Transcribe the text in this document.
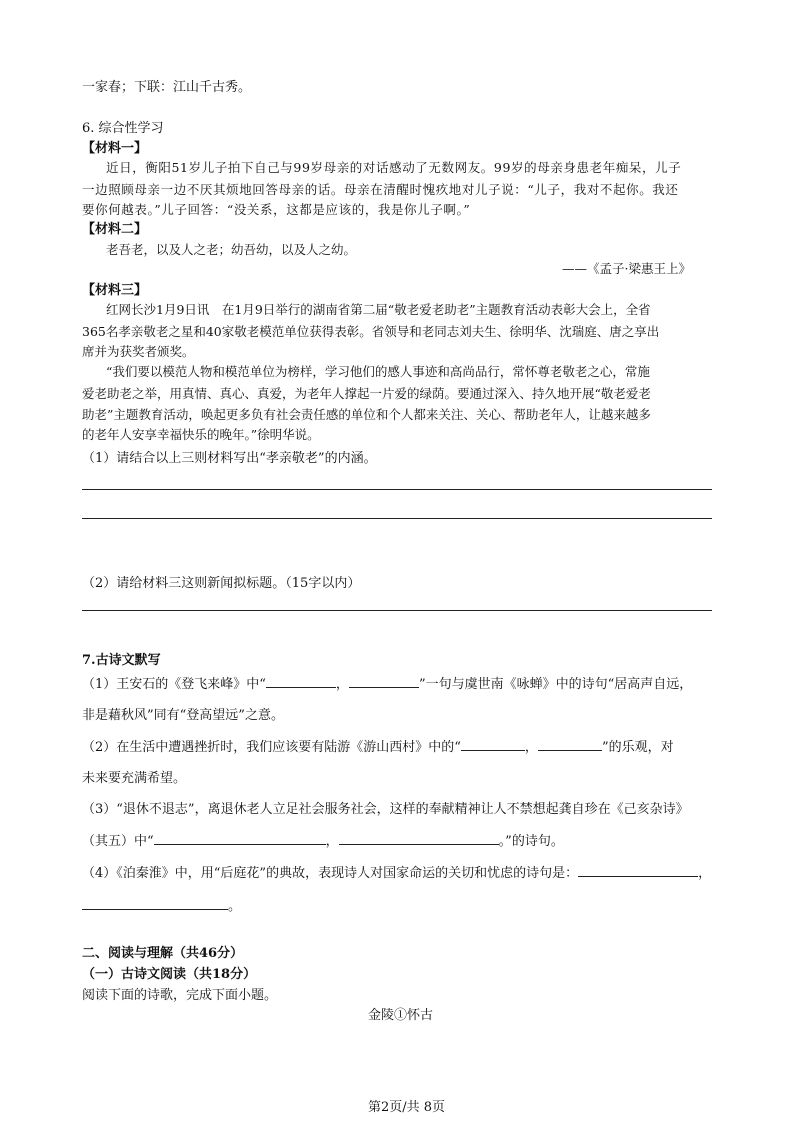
一家春；下联：江山千古秀。
6. 综合性学习
【材料一】
近日，衡阳51岁儿子拍下自己与99岁母亲的对话感动了无数网友。99岁的母亲身患老年痴呆，儿子
一边照顾母亲一边不厌其烦地回答母亲的话。母亲在清醒时愧疚地对儿子说：“儿子，我对不起你。我还
要你何越表。”儿子回答：“没关系，这都是应该的，我是你儿子啊。”
【材料二】
老吾老，以及人之老；幼吾幼，以及人之幼。
——《孟子·梁惠王上》
【材料三】
红网长沙1月9日讯　在1月9日举行的湖南省第二届“敬老爱老助老”主题教育活动表彰大会上，全省
365名孝亲敬老之星和40家敬老模范单位获得表彰。省领导和老同志刘夫生、徐明华、沈瑞庭、唐之享出
席并为获奖者颁奖。
“我们要以模范人物和模范单位为榜样，学习他们的感人事迹和高尚品行，常怀尊老敬老之心，常施
爱老助老之举，用真情、真心、真爱，为老年人撑起一片爱的绿荫。要通过深入、持久地开展“敬老爱老
助老”主题教育活动，唤起更多负有社会责任感的单位和个人都来关注、关心、帮助老年人，让越来越多
的老年人安享幸福快乐的晚年。”徐明华说。
（1）请结合以上三则材料写出“孝亲敬老”的内涵。
（2）请给材料三这则新闻拟标题。（15字以内）
7.古诗文默写
（1）王安石的《登飞来峰》中“	，	”一句与虞世南《咏蝉》中的诗句“居高声自远，
非是藉秋风”同有“登高望远”之意。
（2）在生活中遭遇挫折时，我们应该要有陆游《游山西村》中的“	，	”的乐观，对
未来要充满希望。
（3）“退休不退志”，离退休老人立足社会服务社会，这样的奉献精神让人不禁想起龚自珍在《己亥杂诗》
（其五）中“	，	。”的诗句。
（4）《泊秦淮》中，用“后庭花”的典故，表现诗人对国家命运的关切和忧虑的诗句是：	，
。
二、阅读与理解（共46分）
（一）古诗文阅读（共18分）
阅读下面的诗歌，完成下面小题。
金陵①怀古
第2页/共 8页
